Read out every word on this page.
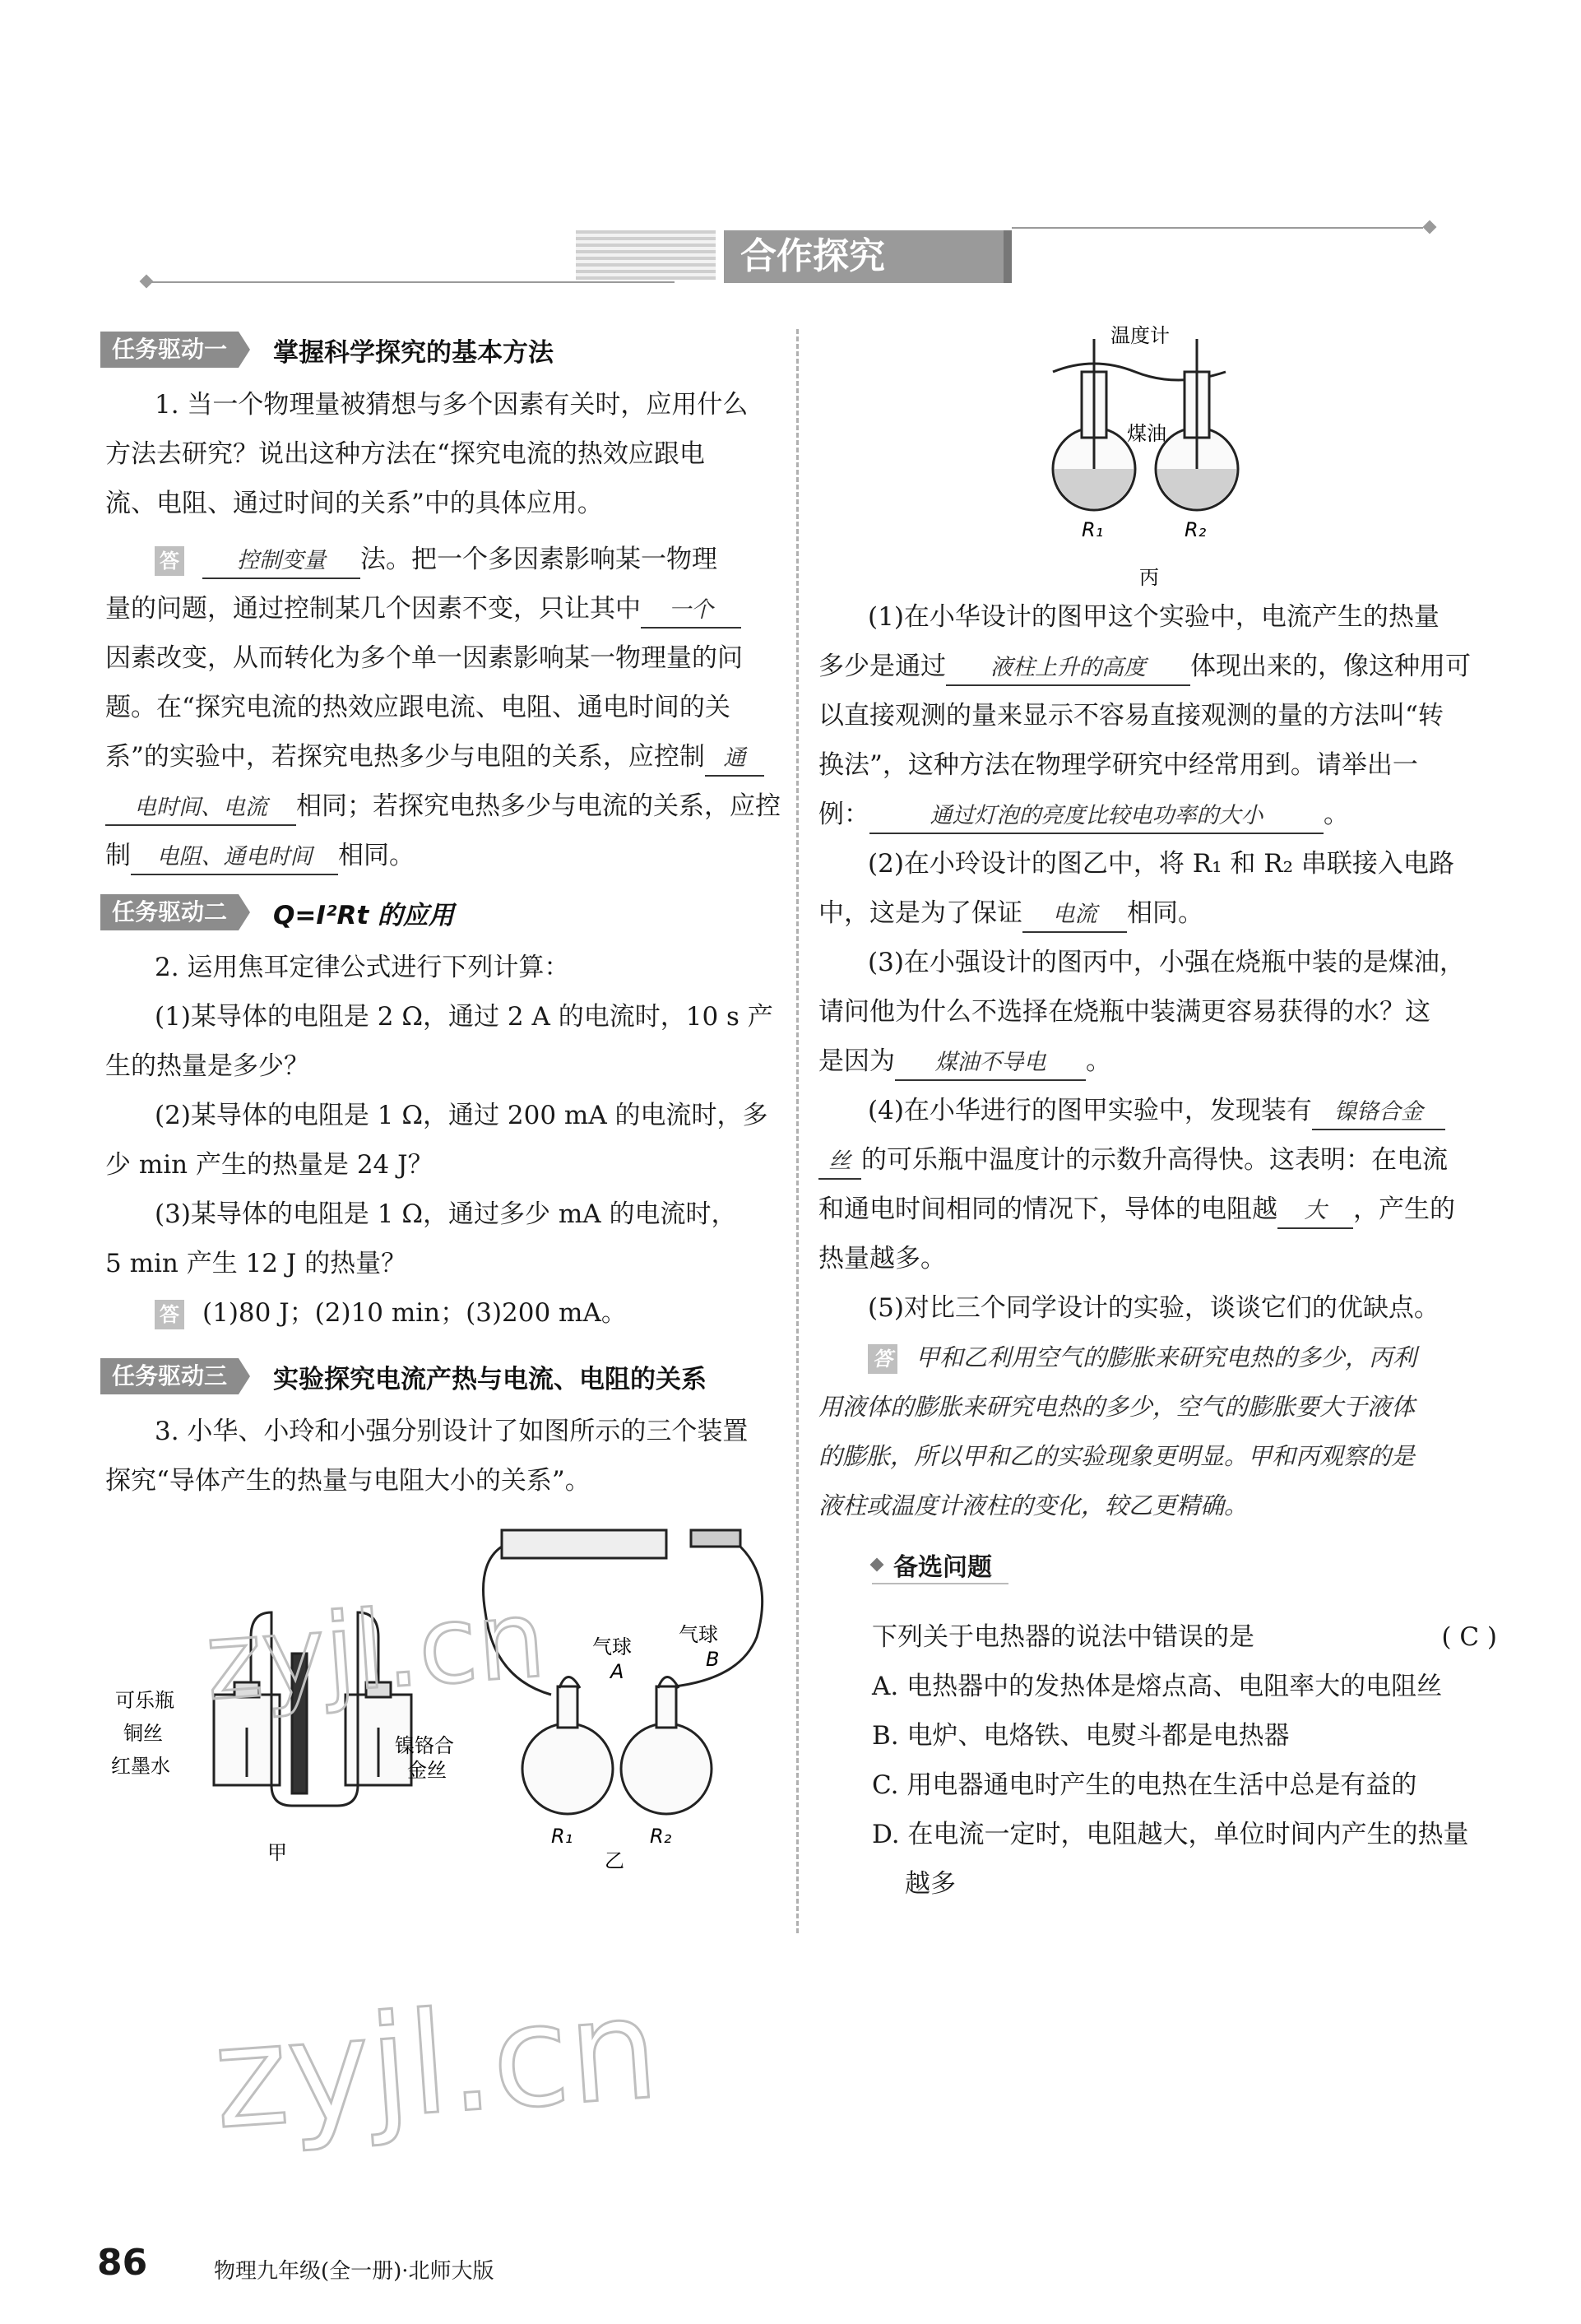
合作探究
任务驱动一	掌握科学探究的基本方法

1. 当一个物理量被猜想与多个因素有关时，应用什么

方法去研究？说出这种方法在“探究电流的热效应跟电

流、电阻、通过时间的关系”中的具体应用。

答	控制变量 法。把一个多因素影响某一物理

量的问题，通过控制某几个因素不变，只让其中 一个

因素改变，从而转化为多个单一因素影响某一物理量的问

题。在“探究电流的热效应跟电流、电阻、通电时间的关

系”的实验中，若探究电热多少与电阻的关系，应控制 通

电时间、电流 相同；若探究电热多少与电流的关系，应控

制 电阻、通电时间 相同。

任务驱动二	Q=I²Rt 的应用

2. 运用焦耳定律公式进行下列计算：

(1)某导体的电阻是 2 Ω，通过 2 A 的电流时，10 s 产

生的热量是多少？

(2)某导体的电阻是 1 Ω，通过 200 mA 的电流时，多

少 min 产生的热量是 24 J？

(3)某导体的电阻是 1 Ω，通过多少 mA 的电流时，

5 min 产生 12 J 的热量？

答 (1)80 J；(2)10 min；(3)200 mA。

任务驱动三	实验探究电流产热与电流、电阻的关系

3. 小华、小玲和小强分别设计了如图所示的三个装置

探究“导体产生的热量与电阻大小的关系”。

可乐瓶
铜丝
红墨水
镍铬合
金丝
甲
气球
A
气球
B
R₁	R₂
乙
温度计
煤油
R₁	R₂
丙

(1)在小华设计的图甲这个实验中，电流产生的热量

多少是通过 液柱上升的高度 体现出来的，像这种用可

以直接观测的量来显示不容易直接观测的量的方法叫“转

换法”，这种方法在物理学研究中经常用到。请举出一

例：	通过灯泡的亮度比较电功率的大小 。

(2)在小玲设计的图乙中，将 R₁ 和 R₂ 串联接入电路

中，这是为了保证 电流 相同。

(3)在小强设计的图丙中，小强在烧瓶中装的是煤油，

请问他为什么不选择在烧瓶中装满更容易获得的水？这

是因为 煤油不导电 。

(4)在小华进行的图甲实验中，发现装有 镍铬合金

丝 的可乐瓶中温度计的示数升高得快。这表明：在电流

和通电时间相同的情况下，导体的电阻越 大 ，产生的

热量越多。

(5)对比三个同学设计的实验，谈谈它们的优缺点。

答 甲和乙利用空气的膨胀来研究电热的多少，丙利

用液体的膨胀来研究电热的多少，空气的膨胀要大于液体

的膨胀，所以甲和乙的实验现象更明显。甲和丙观察的是

液柱或温度计液柱的变化，较乙更精确。

备选问题

下列关于电热器的说法中错误的是	( C )

A. 电热器中的发热体是熔点高、电阻率大的电阻丝

B. 电炉、电烙铁、电熨斗都是电热器

C. 用电器通电时产生的电热在生活中总是有益的

D. 在电流一定时，电阻越大，单位时间内产生的热量

越多

zyjl.cn
zyjl.cn
86	物理九年级(全一册)·北师大版
